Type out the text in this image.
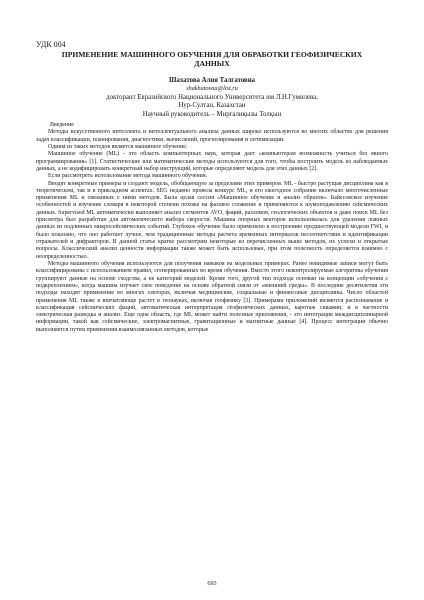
УДК 004

ПРИМЕНЕНИЕ МАШИННОГО ОБУЧЕНИЯ ДЛЯ ОБРАБОТКИ ГЕОФИЗИЧЕСКИХ
ДАННЫХ
Шахатова Алия Талгатовна
shakhatovaa@list.ru
докторант Евразийского Национального Университета им Л.Н.Гумилева,
Нур-Султан, Казахстан
Научный руководитель – Мирғалиқызы Толқын

Введение

Методы искусственного интеллекта и интеллектуального анализа данных широко используются во многих областях для решения задач классификации, планирования, диагностики, вычислений, прогнозирования и оптимизации.

Одним из таких методов является машинное обучение.

Машинное обучение (МL) - это область компьютерных наук, которая дает «компьютерам возможность учиться без явного программирования» [1]. Статистические или математические методы используются для того, чтобы построить модель из наблюдаемых данных, а не кодифицировать конкретный набор инструкций, которые определяют модель для этих данных [2].

Если рассмотреть использование метода машинного обучения.

Вводят конкретные примеры и создают модель, обобщающую за пределами этих примеров. ML - быстро растущая дисциплина как в теоретическом, так и в прикладном аспектах. SEG недавно провела конкурс ML, и его ежегодное собрание включало многочисленные применения ML и связанных с ними методов. Была целая сессия «Машинное обучение и анализ образов». Байесовское изучение особенностей и изучение словаря в некоторой степени похоже на фазовое сложение и применяются к шумоподавлению сейсмических данных. Supervised ML автоматически выполняет анализ сегментов AVO, фаций, разломов, геологических объектов и даже поиск ML без присмотра был разработан для автоматического выбора скорости. Машина опорных векторов использовалась для удаления ложных данных из подлинных микросейсмических событий. Глубокое обучение было применено к построению предшествующей модели FWI, и было показано, что оно работает лучше, чем традиционные методы расчета временных интервалов несоответствия и идентификации отражателей и дифракторов. В данной статье кратко рассмотрим некоторые из перечисленных выше методов, их успехи и открытые вопросы. Классический анализ ценности информации также может быть использован, при этом полезность определяется взаимно с неопределенностью.

Методы машинного обучения используются для получения навыков на модельных примерах. Ранее невидимые записи могут быть классифицированы с использованием правил, сгенерированных во время обучения. Вместо этого неконтролируемые алгоритмы обучения группируют данные на основе сходства, а не категорий моделей. Кроме того, другой тип подхода основан на концепции «обучения с подкреплением», когда машина изучает свое поведение на основе обратной связи от «внешней среды». В последние десятилетия эти подходы находят применение во многих секторах, включая медицинские, социальные и финансовые дисциплины. Число областей применения ML также в впечатляюще растет в геонауках, включая геофизику [3]. Примерами приложений являются распознавание и классификация сейсмических фаций, автоматическая интерпретация геофизических данных, каротаж скважин, и в частности электрическая разведка и анализ. Еще одна область, где ML может найти полезные приложения, - это интеграция междисциплинарной информации, такой как сейсмические, электромагнитные, гравитационные и магнитные данные [4]. Процесс интеграции обычно выполняется путем применения взаимосвязанных методов, которые

693
